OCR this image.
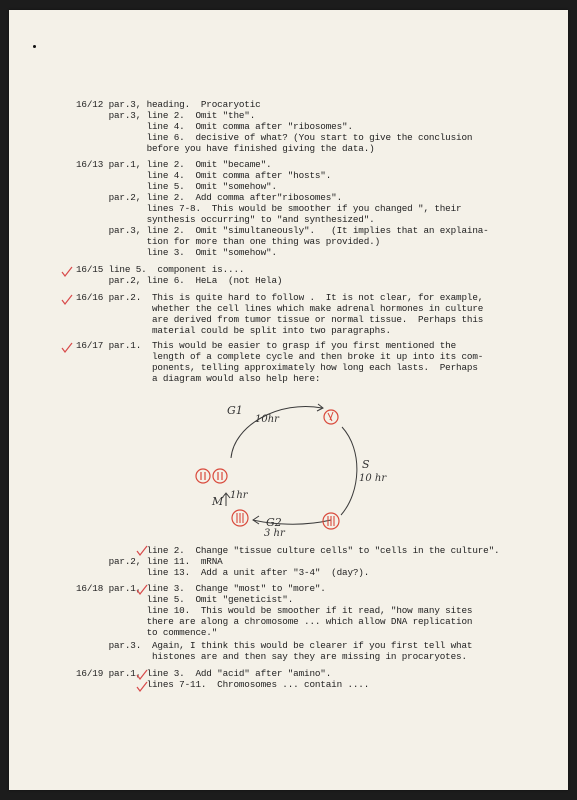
16/12 par.3, heading.  Procaryotic
par.3, line 2.  Omit "the".
line 4.  Omit comma after "ribosomes".
line 6.  decisive of what? (You start to give the conclusion
before you have finished giving the data.)
16/13 par.1, line 2.  Omit "became".
line 4.  Omit comma after "hosts".
line 5.  Omit "somehow".
par.2, line 2.  Add comma after"ribosomes".
lines 7-8.  This would be smoother if you changed ", their
synthesis occurring" to "and synthesized".
par.3, line 2.  Omit "simultaneously".   (It implies that an explaina-
tion for more than one thing was provided.)
line 3.  Omit "somehow".
16/15 line 5.  component is....
par.2, line 6.  HeLa  (not Hela)
16/16 par.2.  This is quite hard to follow .  It is not clear, for example,
whether the cell lines which make adrenal hormones in culture
are derived from tumor tissue or normal tissue.  Perhaps this
material could be split into two paragraphs.
16/17 par.1.  This would be easier to grasp if you first mentioned the
length of a complete cycle and then broke it up into its com-
ponents, telling approximately how long each lasts.  Perhaps
a diagram would also help here:
line 2.  Change "tissue culture cells" to "cells in the culture".
par.2, line 11.  mRNA
line 13.  Add a unit after "3-4"  (day?).
16/18 par.1, line 3.  Change "most" to "more".
line 5.  Omit "geneticist".
line 10.  This would be smoother if it read, "how many sites
there are along a chromosome ... which allow DNA replication
to commence."
par.3.  Again, I think this would be clearer if you first tell what
histones are and then say they are missing in procaryotes.
16/19 par.1, line 3.  Add "acid" after "amino".
lines 7-11.  Chromosomes ... contain ....
G1
10hr
S
10 hr
G2
3 hr
M 1hr
